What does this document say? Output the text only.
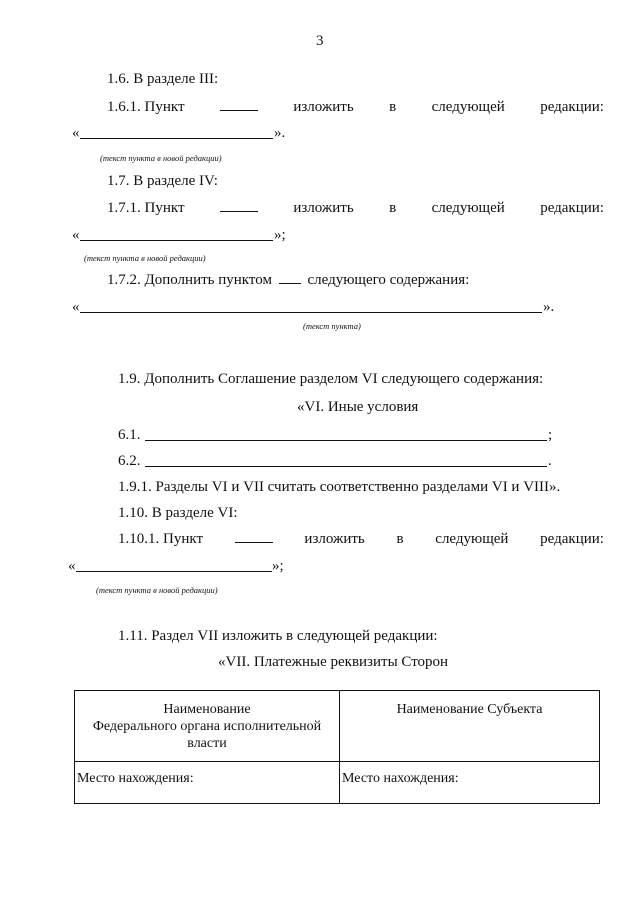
3
1.6. В разделе III:
1.6.1. Пункт	изложить в следующей редакции:
«	».
(текст пункта в новой редакции)
1.7. В разделе IV:
1.7.1. Пункт	изложить в следующей редакции:
«	»;
(текст пункта в новой редакции)
1.7.2. Дополнить пунктом следующего содержания:
«	».
(текст пункта)
1.9. Дополнить Соглашение разделом VI следующего содержания:
«VI. Иные условия
6.1.	;
6.2.	.
1.9.1. Разделы VI и VII считать соответственно разделами VI и VIII».
1.10. В разделе VI:
1.10.1. Пункт	изложить в следующей редакции:
«	»;
(текст пункта в новой редакции)
1.11. Раздел VII изложить в следующей редакции:
«VII. Платежные реквизиты Сторон
Наименование
Федерального органа исполнительной
власти	Наименование Субъекта

Место нахождения:	Место нахождения:
